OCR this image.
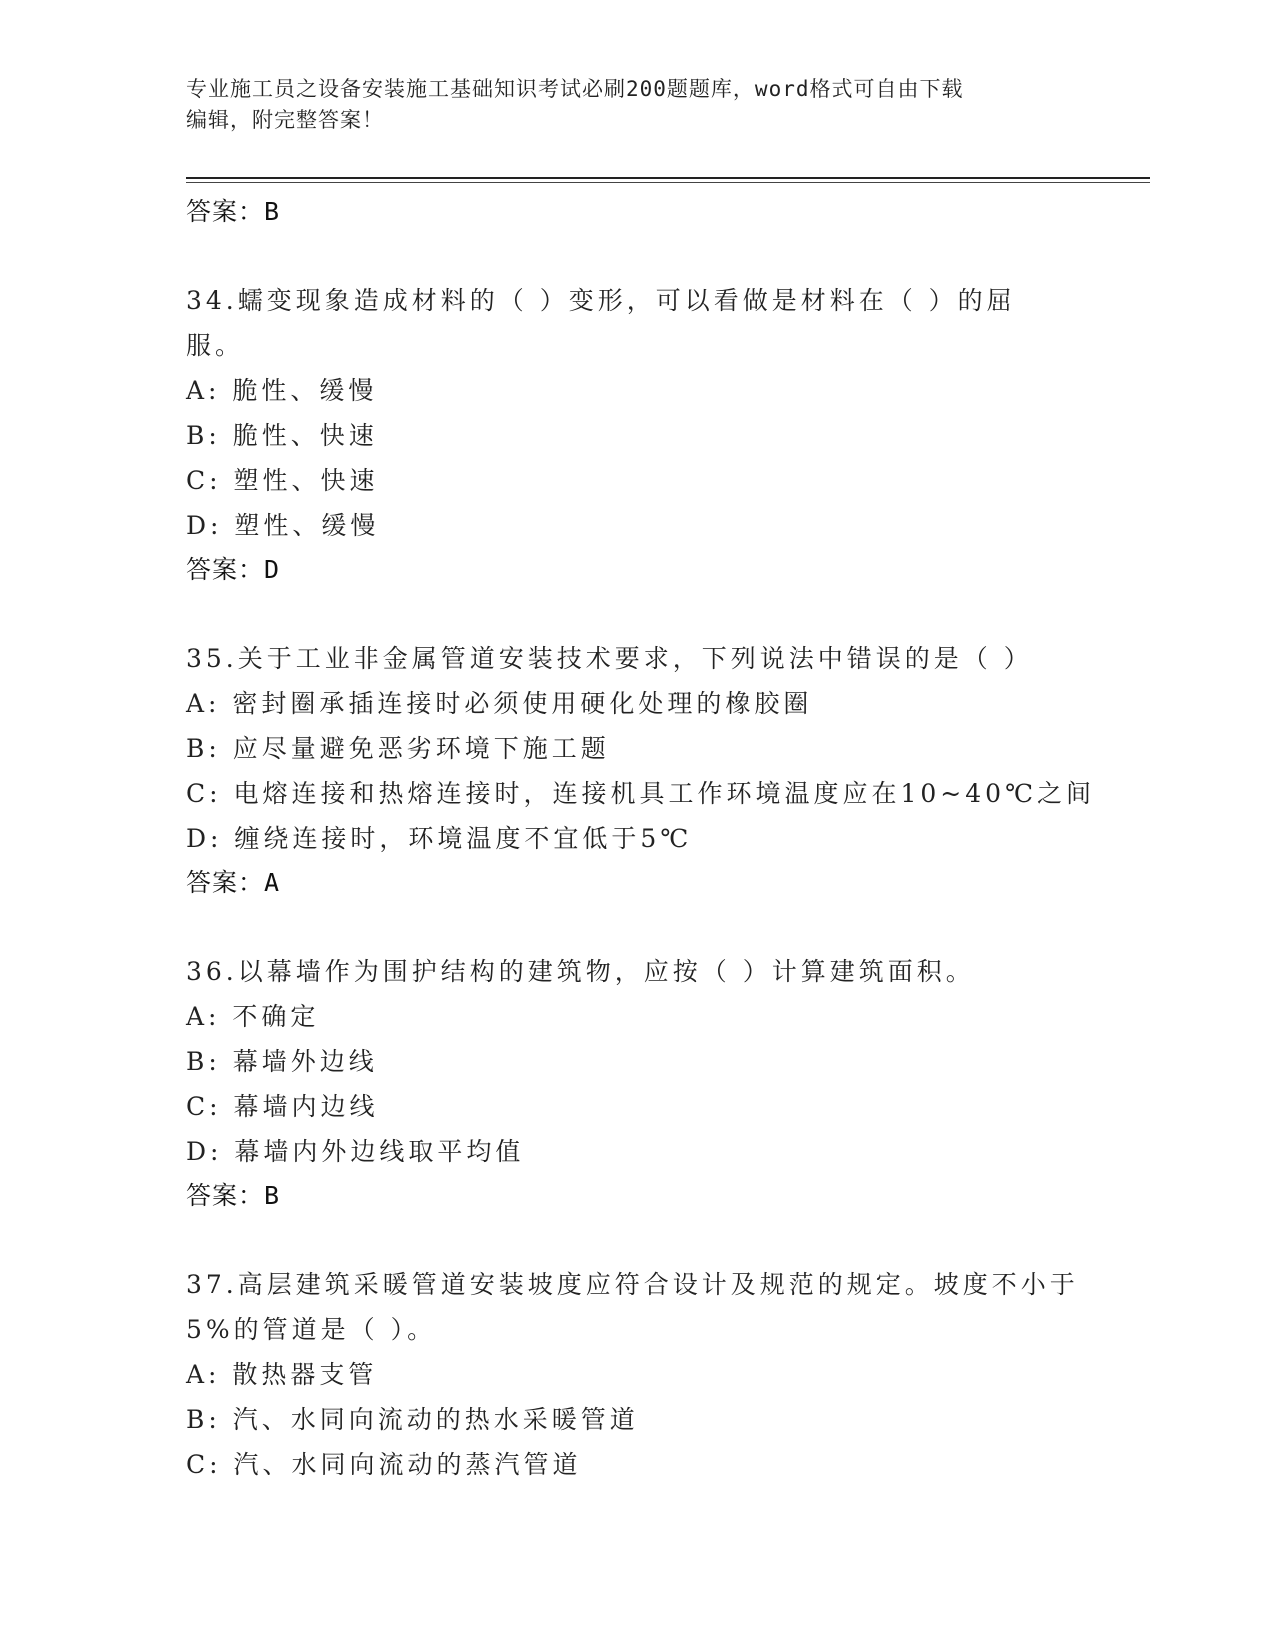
专业施工员之设备安装施工基础知识考试必刷200题题库，word格式可自由下载
编辑，附完整答案！
答案：B
34.蠕变现象造成材料的（ ）变形，可以看做是材料在（ ）的屈服。
A: 脆性、缓慢
B: 脆性、快速
C: 塑性、快速
D: 塑性、缓慢
答案：D
35.关于工业非金属管道安装技术要求，下列说法中错误的是（ ）
A: 密封圈承插连接时必须使用硬化处理的橡胶圈
B: 应尽量避免恶劣环境下施工题
C: 电熔连接和热熔连接时，连接机具工作环境温度应在10~40℃之间
D: 缠绕连接时，环境温度不宜低于5℃
答案：A
36.以幕墙作为围护结构的建筑物，应按（ ）计算建筑面积。
A: 不确定
B: 幕墙外边线
C: 幕墙内边线
D: 幕墙内外边线取平均值
答案：B
37.高层建筑采暖管道安装坡度应符合设计及规范的规定。坡度不小于
5%的管道是（ ）。
A: 散热器支管
B: 汽、水同向流动的热水采暖管道
C: 汽、水同向流动的蒸汽管道
